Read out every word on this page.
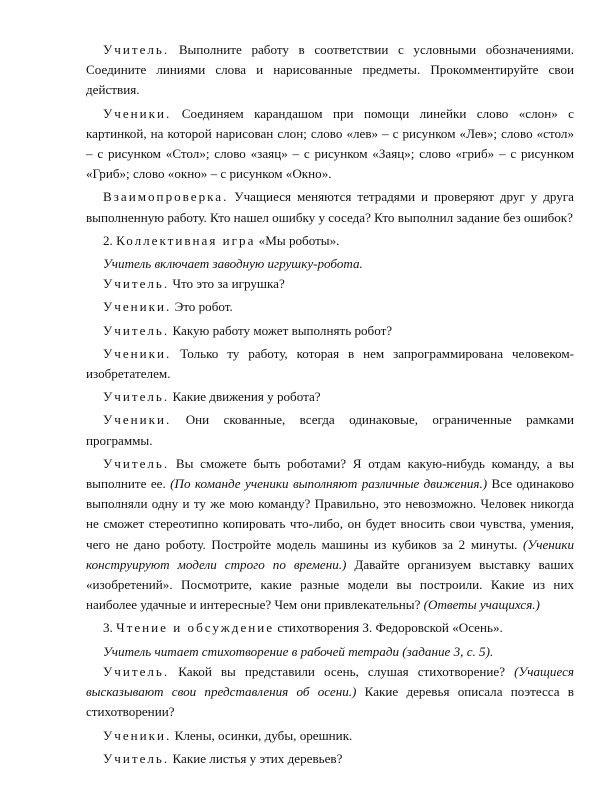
Учитель. Выполните работу в соответствии с условными обозначениями. Соедините линиями слова и нарисованные предметы. Прокомментируйте свои действия.

Ученики. Соединяем карандашом при помощи линейки слово «слон» с картинкой, на которой нарисован слон; слово «лев» – с рисунком «Лев»; слово «стол» – с рисунком «Стол»; слово «заяц» – с рисунком «Заяц»; слово «гриб» – с рисунком «Гриб»; слово «окно» – с рисунком «Окно».

Взаимопроверка. Учащиеся меняются тетрадями и проверяют друг у друга выполненную работу. Кто нашел ошибку у соседа? Кто выполнил задание без ошибок?

2. Коллективная игра «Мы роботы».

Учитель включает заводную игрушку-робота.

Учитель. Что это за игрушка?

Ученики. Это робот.

Учитель. Какую работу может выполнять робот?

Ученики. Только ту работу, которая в нем запрограммирована человеком-изобретателем.

Учитель. Какие движения у робота?

Ученики. Они скованные, всегда одинаковые, ограниченные рамками программы.

Учитель. Вы сможете быть роботами? Я отдам какую-нибудь команду, а вы выполните ее. (По команде ученики выполняют различные движения.) Все одинаково выполняли одну и ту же мою команду? Правильно, это невозможно. Человек никогда не сможет стереотипно копировать что-либо, он будет вносить свои чувства, умения, чего не дано роботу. Постройте модель машины из кубиков за 2 минуты. (Ученики конструируют модели строго по времени.) Давайте организуем выставку ваших «изобретений». Посмотрите, какие разные модели вы построили. Какие из них наиболее удачные и интересные? Чем они привлекательны? (Ответы учащихся.)

3. Чтение и обсуждение стихотворения З. Федоровской «Осень».

Учитель читает стихотворение в рабочей тетради (задание 3, с. 5).

Учитель. Какой вы представили осень, слушая стихотворение? (Учащиеся высказывают свои представления об осени.) Какие деревья описала поэтесса в стихотворении?

Ученики. Клены, осинки, дубы, орешник.

Учитель. Какие листья у этих деревьев?
